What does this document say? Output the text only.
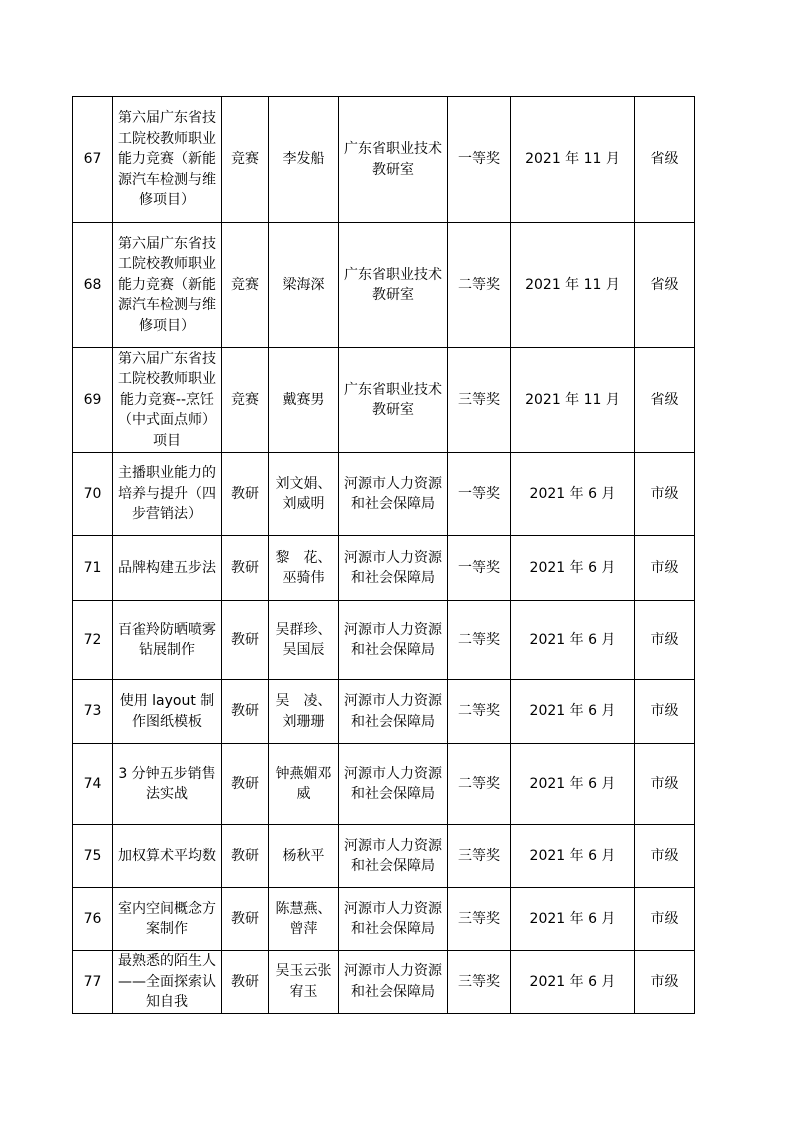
67	第六届广东省技工院校教师职业能力竞赛（新能源汽车检测与维修项目）	竞赛	李发船	广东省职业技术教研室	一等奖	2021 年 11 月	省级
68	第六届广东省技工院校教师职业能力竞赛（新能源汽车检测与维修项目）	竞赛	梁海深	广东省职业技术教研室	二等奖	2021 年 11 月	省级
69	第六届广东省技工院校教师职业能力竞赛--烹饪（中式面点师）项目	竞赛	戴赛男	广东省职业技术教研室	三等奖	2021 年 11 月	省级
70	主播职业能力的培养与提升（四步营销法）	教研	刘文娟、刘威明	河源市人力资源和社会保障局	一等奖	2021 年 6 月	市级
71	品牌构建五步法	教研	黎　花、巫骑伟	河源市人力资源和社会保障局	一等奖	2021 年 6 月	市级
72	百雀羚防晒喷雾钻展制作	教研	吴群珍、吴国辰	河源市人力资源和社会保障局	二等奖	2021 年 6 月	市级
73	使用 layout 制作图纸模板	教研	吴　凌、刘珊珊	河源市人力资源和社会保障局	二等奖	2021 年 6 月	市级
74	3 分钟五步销售法实战	教研	钟燕媚邓威	河源市人力资源和社会保障局	二等奖	2021 年 6 月	市级
75	加权算术平均数	教研	杨秋平	河源市人力资源和社会保障局	三等奖	2021 年 6 月	市级
76	室内空间概念方案制作	教研	陈慧燕、曾萍	河源市人力资源和社会保障局	三等奖	2021 年 6 月	市级
77	最熟悉的陌生人——全面探索认知自我	教研	吴玉云张宥玉	河源市人力资源和社会保障局	三等奖	2021 年 6 月	市级
